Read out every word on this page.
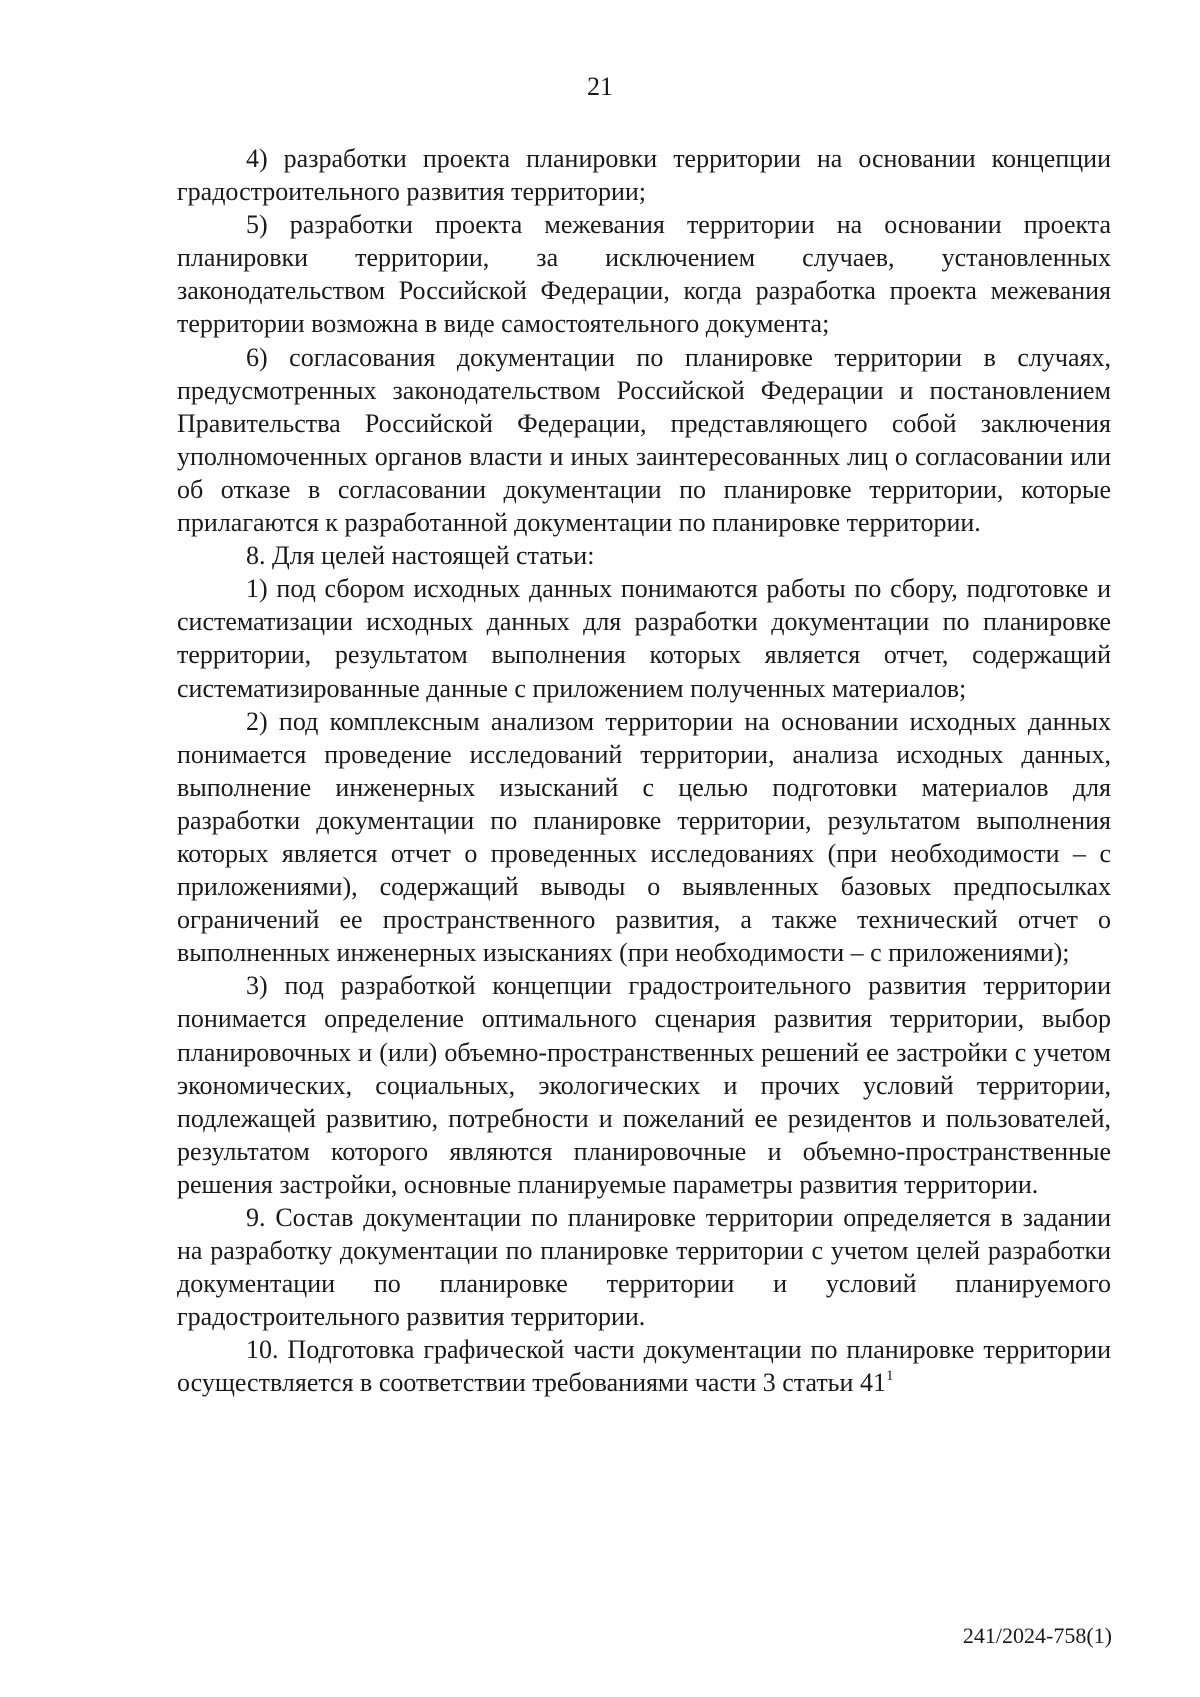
21

4) разработки проекта планировки территории на основании концепции градостроительного развития территории;

5) разработки проекта межевания территории на основании проекта планировки территории, за исключением случаев, установленных законодательством Российской Федерации, когда разработка проекта межевания территории возможна в виде самостоятельного документа;

6) согласования документации по планировке территории в случаях, предусмотренных законодательством Российской Федерации и постановлением Правительства Российской Федерации, представляющего собой заключения уполномоченных органов власти и иных заинтересованных лиц о согласовании или об отказе в согласовании документации по планировке территории, которые прилагаются к разработанной документации по планировке территории.

8. Для целей настоящей статьи:

1) под сбором исходных данных понимаются работы по сбору, подготовке и систематизации исходных данных для разработки документации по планировке территории, результатом выполнения которых является отчет, содержащий систематизированные данные с приложением полученных материалов;

2) под комплексным анализом территории на основании исходных данных понимается проведение исследований территории, анализа исходных данных, выполнение инженерных изысканий с целью подготовки материалов для разработки документации по планировке территории, результатом выполнения которых является отчет о проведенных исследованиях (при необходимости – с приложениями), содержащий выводы о выявленных базовых предпосылках ограничений ее пространственного развития, а также технический отчет о выполненных инженерных изысканиях (при необходимости – с приложениями);

3) под разработкой концепции градостроительного развития территории понимается определение оптимального сценария развития территории, выбор планировочных и (или) объемно-пространственных решений ее застройки с учетом экономических, социальных, экологических и прочих условий территории, подлежащей развитию, потребности и пожеланий ее резидентов и пользователей, результатом которого являются планировочные и объемно-пространственные решения застройки, основные планируемые параметры развития территории.

9. Состав документации по планировке территории определяется в задании на разработку документации по планировке территории с учетом целей разработки документации по планировке территории и условий планируемого градостроительного развития территории.

10. Подготовка графической части документации по планировке территории осуществляется в соответствии требованиями части 3 статьи $41^1$

241/2024-758(1)
